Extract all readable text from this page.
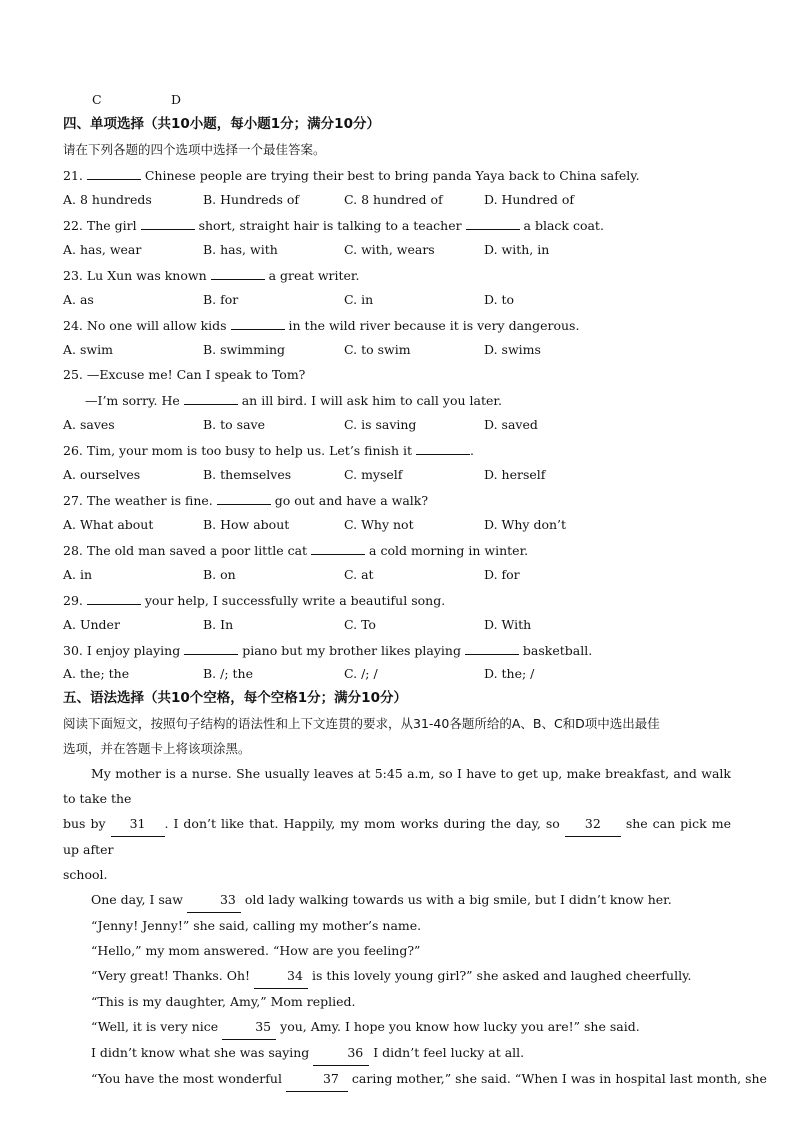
C	D
四、单项选择（共10小题，每小题1分；满分10分）
请在下列各题的四个选项中选择一个最佳答案。
21.	Chinese people are trying their best to bring panda Yaya back to China safely.
A. 8 hundreds	B. Hundreds of	C. 8 hundred of	D. Hundred of
22. The girl	short, straight hair is talking to a teacher	a black coat.
A. has, wear	B. has, with	C. with, wears	D. with, in
23. Lu Xun was known	a great writer.
A. as	B. for	C. in	D. to
24. No one will allow kids	in the wild river because it is very dangerous.
A. swim	B. swimming	C. to swim	D. swims
25. —Excuse me! Can I speak to Tom?
—I’m sorry. He	an ill bird. I will ask him to call you later.
A. saves	B. to save	C. is saving	D. saved
26. Tim, your mom is too busy to help us. Let’s finish it	.
A. ourselves	B. themselves	C. myself	D. herself
27. The weather is fine.	go out and have a walk?
A. What about	B. How about	C. Why not	D. Why don’t
28. The old man saved a poor little cat	a cold morning in winter.
A. in	B. on	C. at	D. for
29.	your help, I successfully write a beautiful song.
A. Under	B. In	C. To	D. With
30. I enjoy playing	piano but my brother likes playing	basketball.
A. the; the	B. /; the	C. /; /	D. the; /
五、语法选择（共10个空格，每个空格1分；满分10分）
阅读下面短文，按照句子结构的语法性和上下文连贯的要求，从31-40各题所给的A、B、C和D项中选出最佳
选项，并在答题卡上将该项涂黑。
My mother is a nurse. She usually leaves at 5:45 a.m, so I have to get up, make breakfast, and walk to take the
bus by 31 . I don’t like that. Happily, my mom works during the day, so 32 she can pick me up after
school.
One day, I saw	33 old lady walking towards us with a big smile, but I didn’t know her.
“Jenny! Jenny!” she said, calling my mother’s name.
“Hello,” my mom answered. “How are you feeling?”
“Very great! Thanks. Oh!	34 is this lovely young girl?” she asked and laughed cheerfully.
“This is my daughter, Amy,” Mom replied.
“Well, it is very nice	35 you, Amy. I hope you know how lucky you are!” she said.
I didn’t know what she was saying	36 I didn’t feel lucky at all.
“You have the most wonderful	37 caring mother,” she said. “When I was in hospital last month, she
